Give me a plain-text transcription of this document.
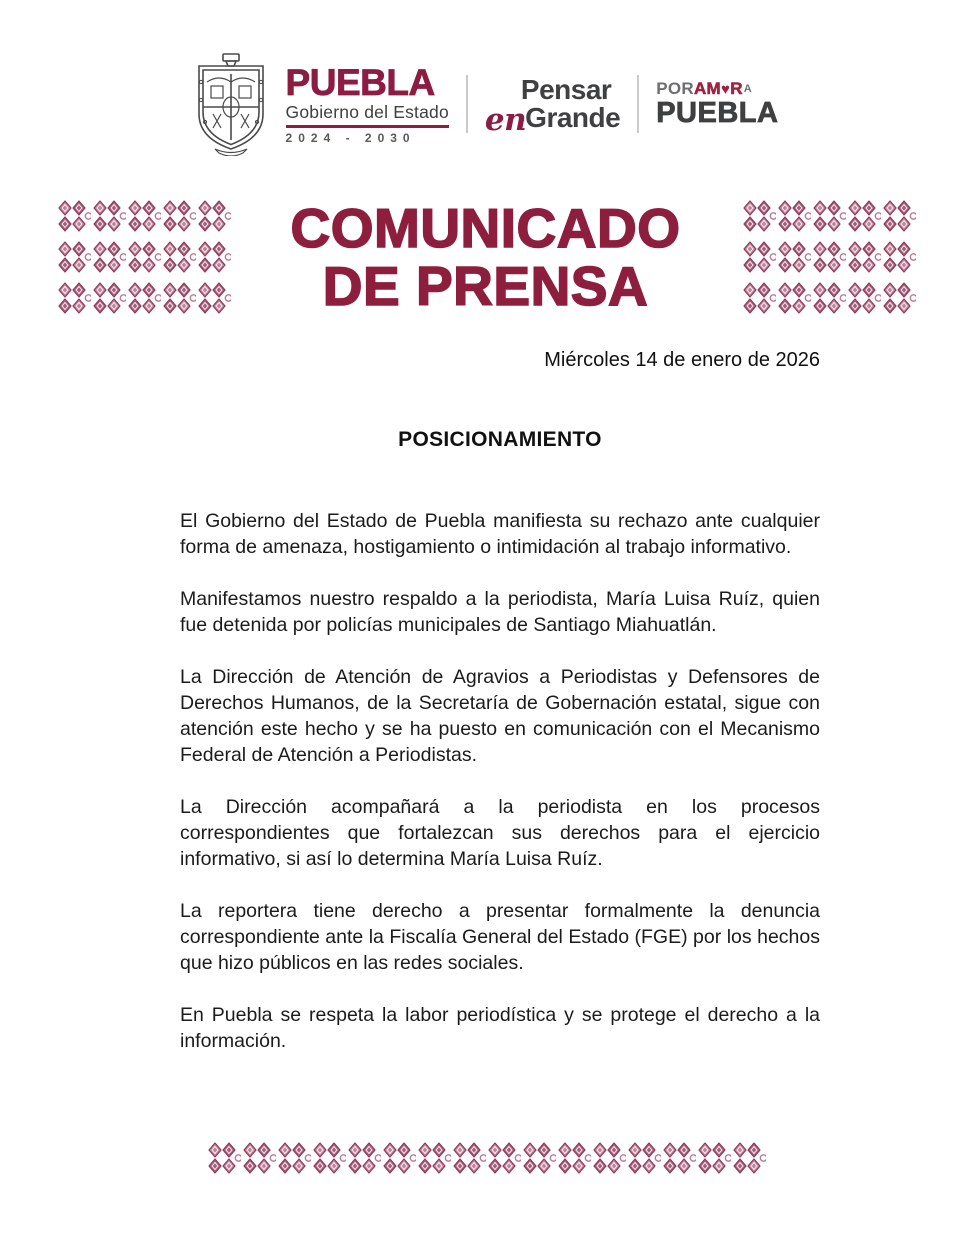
PUEBLA
Gobierno del Estado
2024 - 2030
Pensar
en Grande
PORAM♥RA
PUEBLA
COMUNICADO
DE PRENSA
Miércoles 14 de enero de 2026
POSICIONAMIENTO

El Gobierno del Estado de Puebla manifiesta su rechazo ante cualquier forma de amenaza, hostigamiento o intimidación al trabajo informativo.

Manifestamos nuestro respaldo a la periodista, María Luisa Ruíz, quien fue detenida por policías municipales de Santiago Miahuatlán.

La Dirección de Atención de Agravios a Periodistas y Defensores de Derechos Humanos, de la Secretaría de Gobernación estatal, sigue con atención este hecho y se ha puesto en comunicación con el Mecanismo Federal de Atención a Periodistas.

La Dirección acompañará a la periodista en los procesos correspondientes que fortalezcan sus derechos para el ejercicio informativo, si así lo determina María Luisa Ruíz.

La reportera tiene derecho a presentar formalmente la denuncia correspondiente ante la Fiscalía General del Estado (FGE) por los hechos que hizo públicos en las redes sociales.

En Puebla se respeta la labor periodística y se protege el derecho a la información.
